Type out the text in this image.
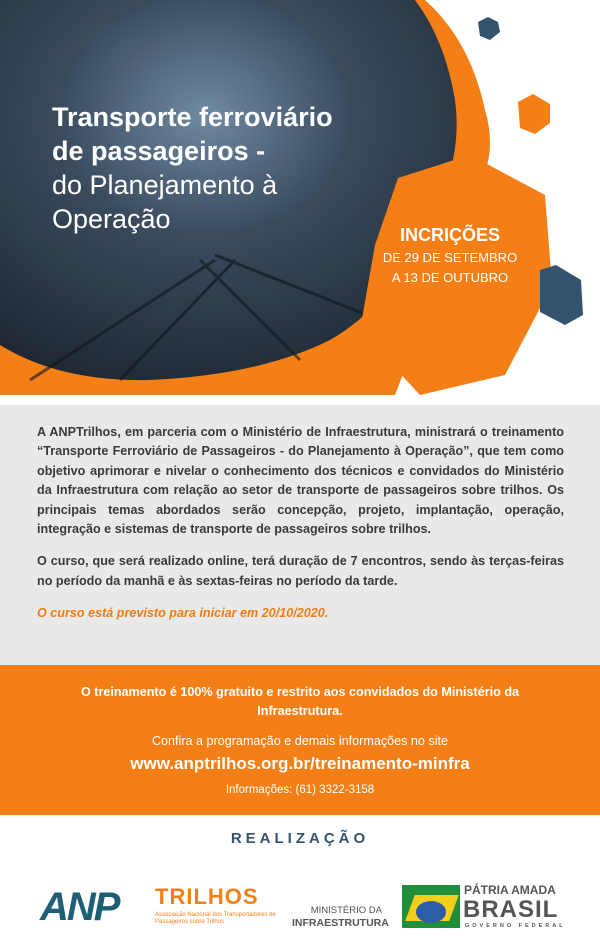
Transporte ferroviário
de passageiros -
do Planejamento à
Operação
INCRIÇÕES
DE 29 DE SETEMBRO
A 13 DE OUTUBRO

A ANPTrilhos, em parceria com o Ministério de Infraestrutura, ministrará o treinamento “Transporte Ferroviário de Passageiros - do Planejamento à Operação”, que tem como objetivo aprimorar e nivelar o conhecimento dos técnicos e convidados do Ministério da Infraestrutura com relação ao setor de transporte de passageiros sobre trilhos. Os principais temas abordados serão concepção, projeto, implantação, operação, integração e sistemas de transporte de passageiros sobre trilhos.

O curso, que será realizado online, terá duração de 7 encontros, sendo às terças-feiras no período da manhã e às sextas-feiras no período da tarde.

O curso está previsto para iniciar em 20/10/2020.

O treinamento é 100% gratuito e restrito aos convidados do Ministério da Infraestrutura.
Confira a programação e demais informações no site
www.anptrilhos.org.br/treinamento-minfra
Informações: (61) 3322-3158
REALIZAÇÃO
ANP TRILHOS
Associação Nacional dos Transportadores de Passageiros sobre Trilhos
MINISTÉRIO DA
INFRAESTRUTURA
PÁTRIA AMADA
BRASIL
GOVERNO FEDERAL
